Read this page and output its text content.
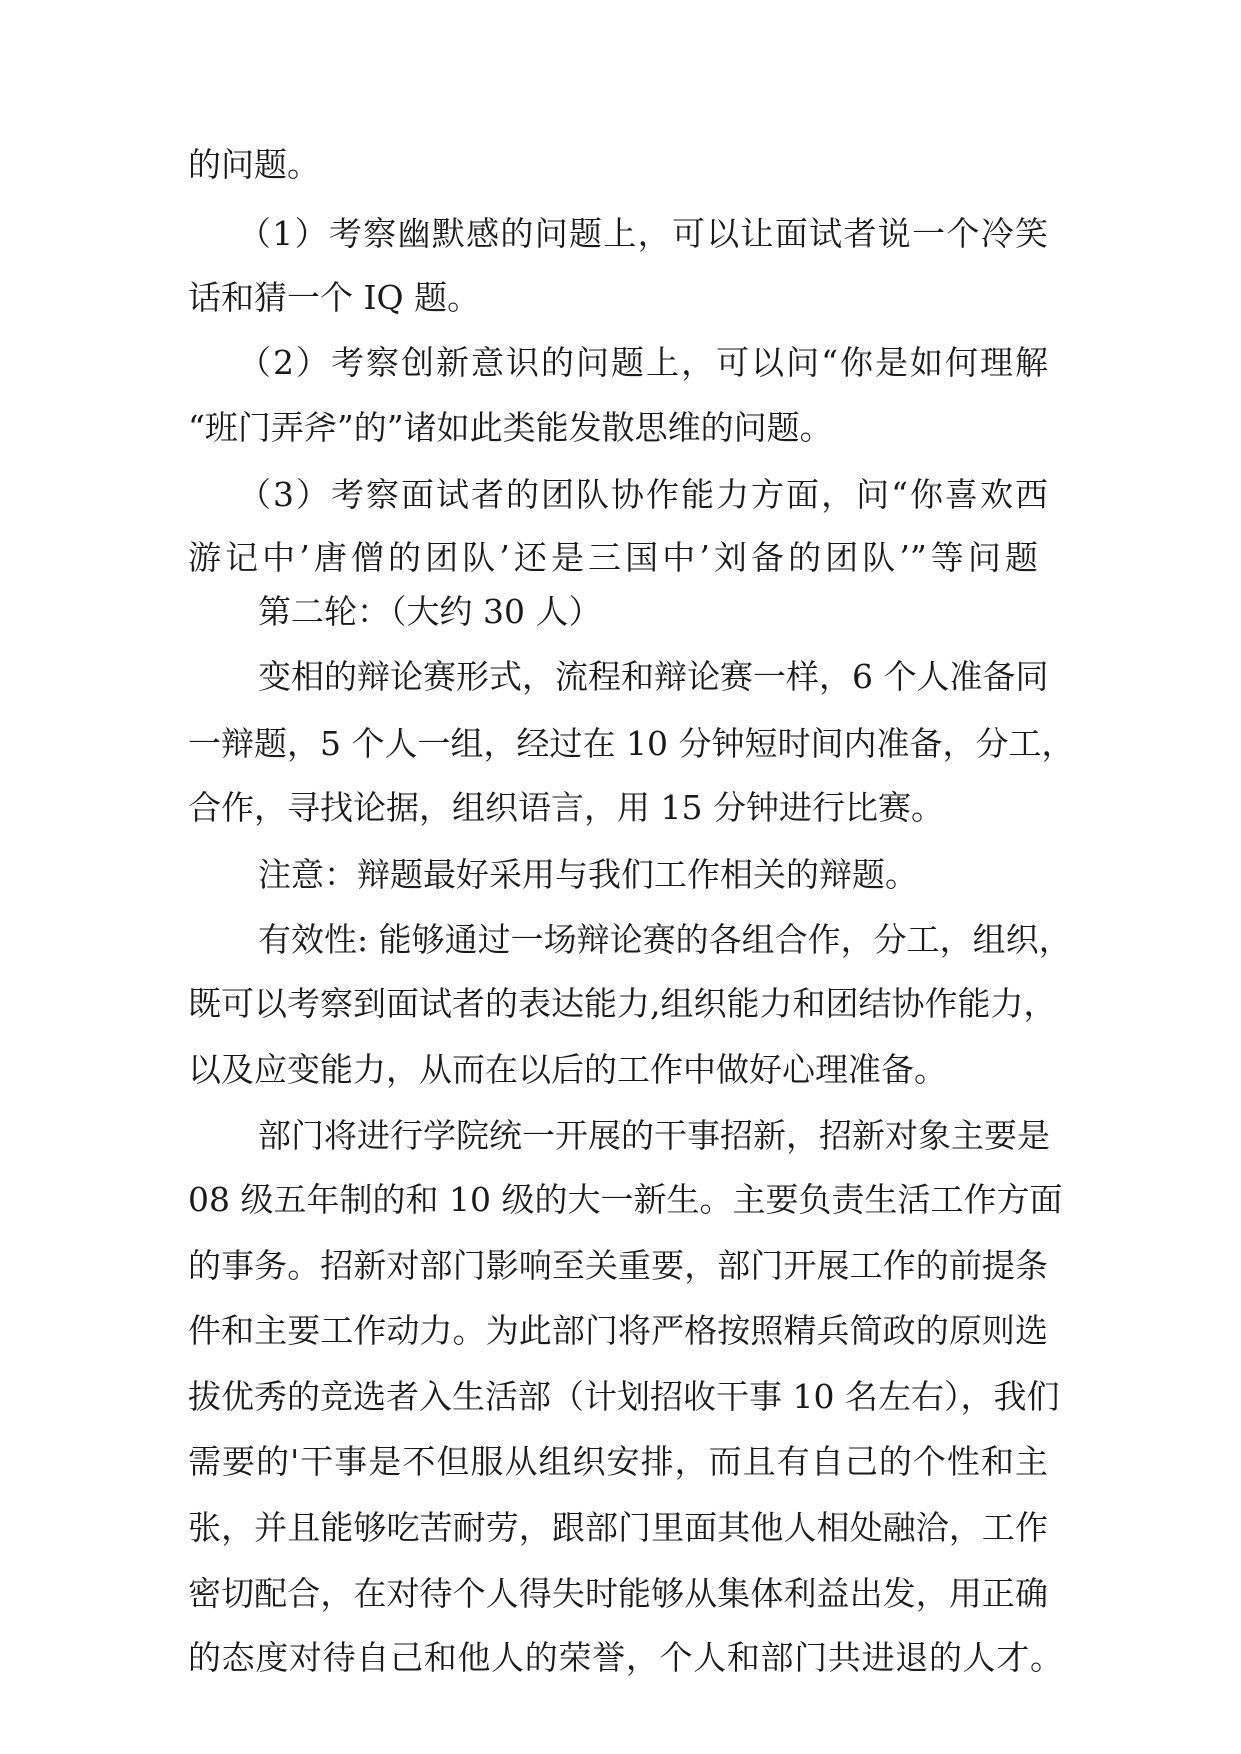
的问题。

（1）考察幽默感的问题上，可以让面试者说一个冷笑

话和猜一个 IQ 题。

（2）考察创新意识的问题上，可以问“你是如何理解

“班门弄斧”的”诸如此类能发散思维的问题。

（3）考察面试者的团队协作能力方面，问“你喜欢西

游记中’唐僧的团队’还是三国中’刘备的团队’”等问题

第二轮：（大约 30 人）

变相的辩论赛形式，流程和辩论赛一样，6 个人准备同

一辩题，5 个人一组，经过在 10 分钟短时间内准备，分工，

合作，寻找论据，组织语言，用 15 分钟进行比赛。

注意：辩题最好采用与我们工作相关的辩题。

有效性: 能够通过一场辩论赛的各组合作，分工，组织，

既可以考察到面试者的表达能力,组织能力和团结协作能力，

以及应变能力，从而在以后的工作中做好心理准备。

部门将进行学院统一开展的干事招新，招新对象主要是

08 级五年制的和 10 级的大一新生。主要负责生活工作方面

的事务。招新对部门影响至关重要，部门开展工作的前提条

件和主要工作动力。为此部门将严格按照精兵简政的原则选

拔优秀的竞选者入生活部（计划招收干事 10 名左右），我们

需要的'干事是不但服从组织安排，而且有自己的个性和主

张，并且能够吃苦耐劳，跟部门里面其他人相处融洽，工作

密切配合，在对待个人得失时能够从集体利益出发，用正确

的态度对待自己和他人的荣誉，个人和部门共进退的人才。
